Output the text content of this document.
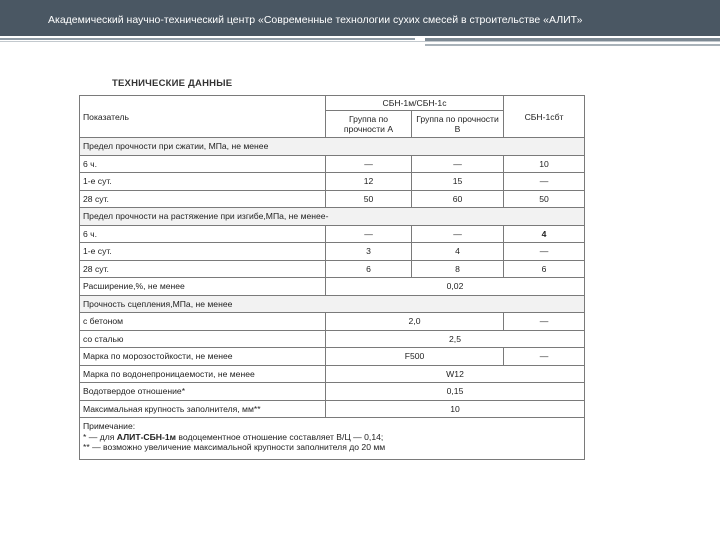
Академический научно-технический центр «Современные технологии сухих смесей в строительстве «АЛИТ»
ТЕХНИЧЕСКИЕ ДАННЫЕ
Показатель	СБН-1м/СБН-1с		СБН-1сбт
	Группа по прочности А	Группа по прочности В	
Предел прочности при сжатии, МПа, не менее			
6 ч.	—	—	10
1-е сут.	12	15	—
28 сут.	50	60	50
Предел прочности на растяжение при изгибе,МПа, не менее-			
6 ч.	—	—	4
1-е сут.	3	4	—
28 сут.	6	8	6
Расширение,%, не менее	0,02		
Прочность сцепления,МПа, не менее			
с бетоном	2,0		—
со сталью	2,5		
Марка по морозостойкости, не менее	F500		—
Марка по водонепроницаемости, не менее	W12		
Водотвердое отношение*	0,15		
Максимальная крупность заполнителя, мм**	10		

Примечание:
* — для АЛИТ-СБН-1м водоцементное отношение составляет В/Ц — 0,14;
** — возможно увеличение максимальной крупности заполнителя до 20 мм			
